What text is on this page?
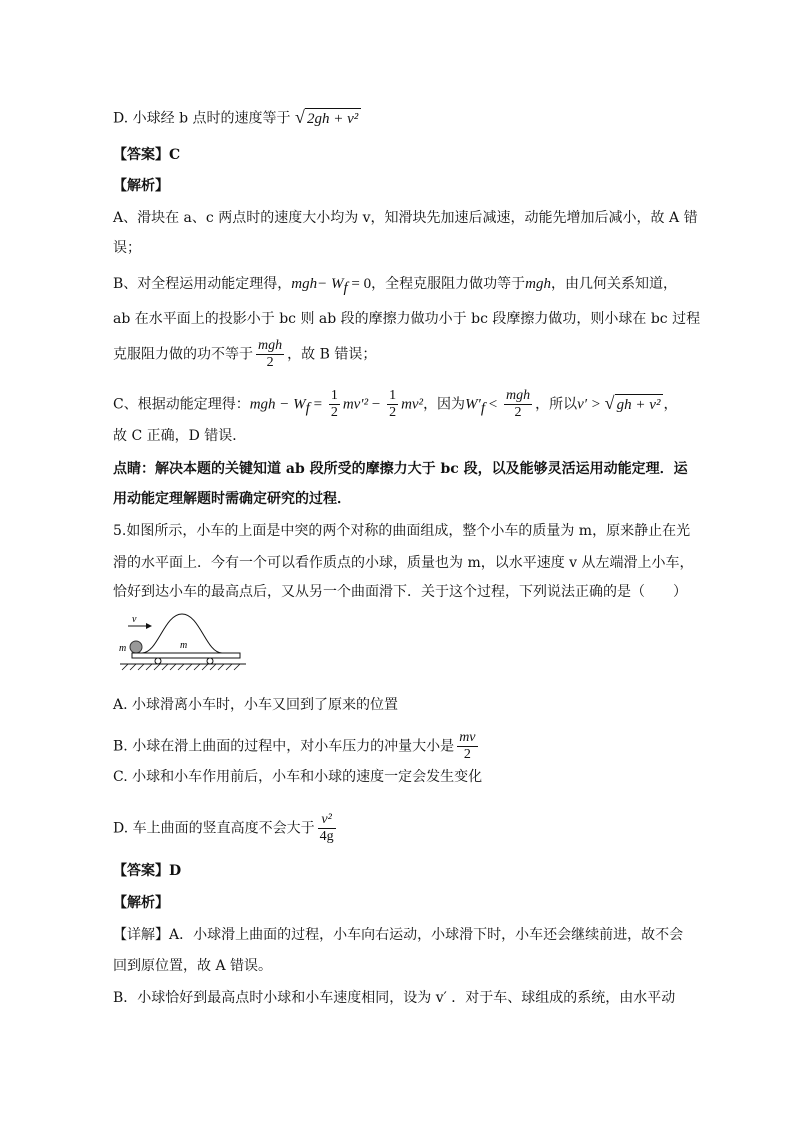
D. 小球经 b 点时的速度等于 √ 2gh + v²
【答案】C
【解析】
A、滑块在 a、c 两点时的速度大小均为 v，知滑块先加速后减速，动能先增加后减小，故 A 错
误；
B、对全程运用动能定理得，$mgh- W_f = 0$，全程克服阻力做功等于mgh，由几何关系知道，
ab 在水平面上的投影小于 bc 则 ab 段的摩擦力做功小于 bc 段摩擦力做功，则小球在 bc 过程
克服阻力做的功不等于 $\frac{\text{mgh}}{2}$ ，故 B 错误；
C、根据动能定理得：mgh − $W_f = \frac{1}{2} mv'^2 - \frac{1}{2} mv^2$，因为$W'_f < \frac{\text{mgh}}{2}$ ，所以v′ > √ gh + v² ，
故 C 正确，D 错误．
点睛：解决本题的关键知道 ab 段所受的摩擦力大于 bc 段，以及能够灵活运用动能定理．运
用动能定理解题时需确定研究的过程．
5.如图所示，小车的上面是中突的两个对称的曲面组成，整个小车的质量为 m，原来静止在光
滑的水平面上．今有一个可以看作质点的小球，质量也为 m，以水平速度 v 从左端滑上小车，
恰好到达小车的最高点后，又从另一个曲面滑下．关于这个过程，下列说法正确的是（　　）
v
m	m
A. 小球滑离小车时，小车又回到了原来的位置
B. 小球在滑上曲面的过程中，对小车压力的冲量大小是 $\frac{mv}{2}$
C. 小球和小车作用前后，小车和小球的速度一定会发生变化
D. 车上曲面的竖直高度不会大于 $\frac{\text{v²}}{4g}$
【答案】D
【解析】
【详解】A．小球滑上曲面的过程，小车向右运动，小球滑下时，小车还会继续前进，故不会
回到原位置，故 A 错误。
B．小球恰好到最高点时小球和小车速度相同，设为 v′ ．对于车、球组成的系统，由水平动
